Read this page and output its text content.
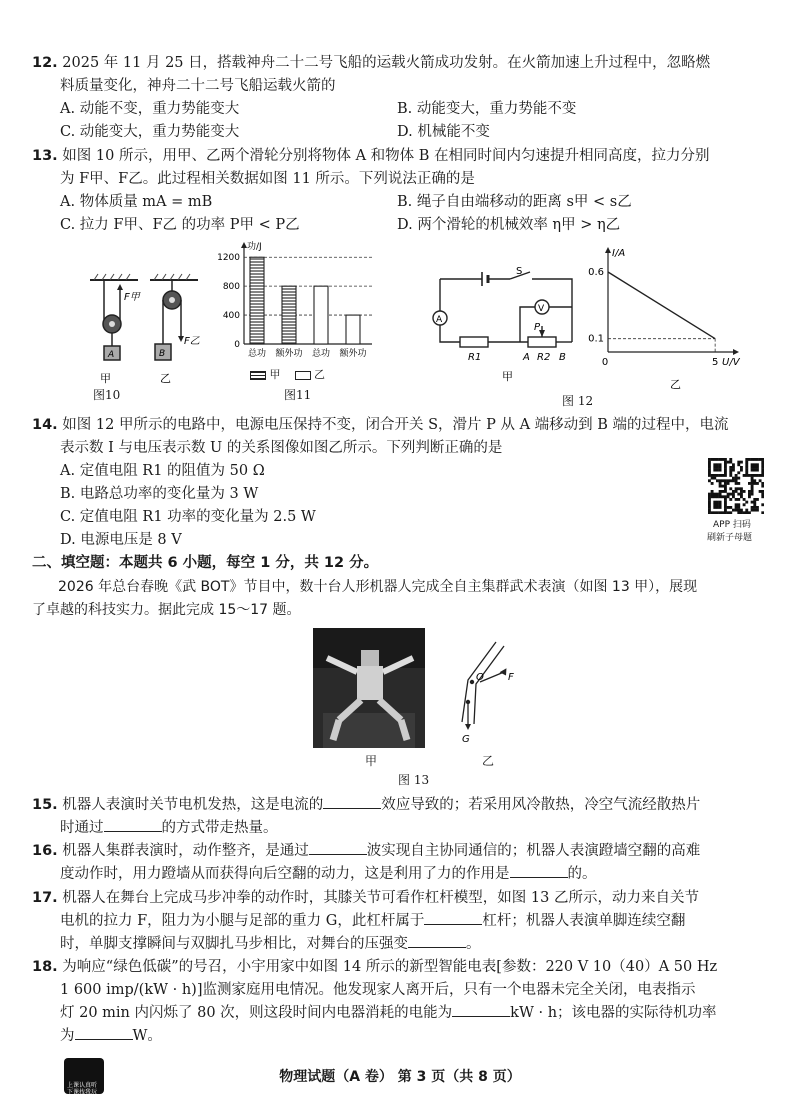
12. 2025 年 11 月 25 日，搭载神舟二十二号飞船的运载火箭成功发射。在火箭加速上升过程中，忽略燃
料质量变化，神舟二十二号飞船运载火箭的
A. 动能不变，重力势能变大	B. 动能变大，重力势能不变
C. 动能变大，重力势能变大	D. 机械能不变
13. 如图 10 所示，用甲、乙两个滑轮分别将物体 A 和物体 B 在相同时间内匀速提升相同高度，拉力分别
为 F甲、F乙。此过程相关数据如图 11 所示。下列说法正确的是
A. 物体质量 mA = mB	B. 绳子自由端移动的距离 s甲 < s乙
C. 拉力 F甲、F乙 的功率 P甲 < P乙	D. 两个滑轮的机械效率 η甲 > η乙
F甲
F乙
A	B
甲	乙
图10
功/J
400
800
1200
0
总功 额外功 总功 额外功
甲	乙
图11
A
V
S
P
R1	A R2 B
甲
图 12
I/A
U/V
0.6
0.1
0	5
乙
14. 如图 12 甲所示的电路中，电源电压保持不变，闭合开关 S，滑片 P 从 A 端移动到 B 端的过程中，电流
表示数 I 与电压表示数 U 的关系图像如图乙所示。下列判断正确的是
A. 定值电阻 R1 的阻值为 50 Ω
B. 电路总功率的变化量为 3 W
C. 定值电阻 R1 功率的变化量为 2.5 W
D. 电源电压是 8 V
APP 扫码
刷新子母题
二、填空题：本题共 6 小题，每空 1 分，共 12 分。
2026 年总台春晚《武 BOT》节目中，数十台人形机器人完成全自主集群武术表演（如图 13 甲），展现
了卓越的科技实力。据此完成 15～17 题。
O F
G
甲	乙
图 13
15. 机器人表演时关节电机发热，这是电流的	效应导致的；若采用风冷散热，冷空气流经散热片
时通过	的方式带走热量。
16. 机器人集群表演时，动作整齐，是通过	波实现自主协同通信的；机器人表演蹬墙空翻的高难
度动作时，用力蹬墙从而获得向后空翻的动力，这是利用了力的作用是	的。
17. 机器人在舞台上完成马步冲拳的动作时，其膝关节可看作杠杆模型，如图 13 乙所示，动力来自关节
电机的拉力 F，阻力为小腿与足部的重力 G，此杠杆属于	杠杆；机器人表演单脚连续空翻
时，单脚支撑瞬间与双脚扎马步相比，对舞台的压强变	。
18. 为响应“绿色低碳”的号召，小宇用家中如图 14 所示的新型智能电表[参数：220 V 10（40）A 50 Hz
1 600 imp/(kW · h)]监测家庭用电情况。他发现家人离开后，只有一个电器未完全关闭，电表指示
灯 20 min 内闪烁了 80 次，则这段时间内电器消耗的电能为	kW · h；该电器的实际待机功率
为	W。
上课认真听
下课找我玩
物理试题（A 卷） 第 3 页（共 8 页）
